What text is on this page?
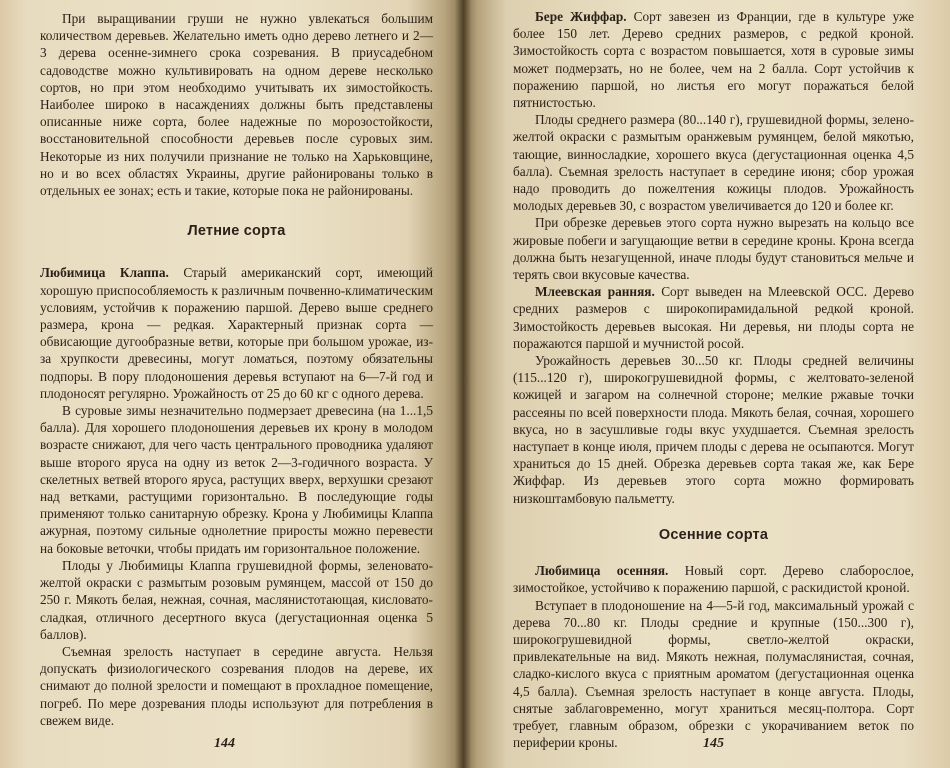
При выращивании груши не нужно увлекаться большим количеством деревьев. Желательно иметь одно дерево летнего и 2—3 дерева осенне-зимнего срока созревания. В приусадебном садоводстве можно культивировать на одном дереве несколько сортов, но при этом необходимо учитывать их зимостойкость. Наиболее широко в насаждениях должны быть представлены описанные ниже сорта, более надежные по морозостойкости, восстановительной способности деревьев после суровых зим. Некоторые из них получили признание не только на Харьковщине, но и во всех областях Украины, другие районированы только в отдельных ее зонах; есть и такие, которые пока не районированы.

Летние сорта

Любимица Клаппа. Старый американский сорт, имеющий хорошую приспособляемость к различным почвенно-климатическим условиям, устойчив к поражению паршой. Дерево выше среднего размера, крона — редкая. Характерный признак сорта — обвисающие дугообразные ветви, которые при большом урожае, из-за хрупкости древесины, могут ломаться, поэтому обязательны подпоры. В пору плодоношения деревья вступают на 6—7-й год и плодоносят регулярно. Урожайность от 25 до 60 кг с одного дерева.

В суровые зимы незначительно подмерзает древесина (на 1...1,5 балла). Для хорошего плодоношения деревьев их крону в молодом возрасте снижают, для чего часть центрального проводника удаляют выше второго яруса на одну из веток 2—3-годичного возраста. У скелетных ветвей второго яруса, растущих вверх, верхушки срезают над ветками, растущими горизонтально. В последующие годы применяют только санитарную обрезку. Крона у Любимицы Клаппа ажурная, поэтому сильные однолетние приросты можно перевести на боковые веточки, чтобы придать им горизонтальное положение.

Плоды у Любимицы Клаппа грушевидной формы, зеленовато-желтой окраски с размытым розовым румянцем, массой от 150 до 250 г. Мякоть белая, нежная, сочная, маслянистотающая, кисловато-сладкая, отличного десертного вкуса (дегустационная оценка 5 баллов).

Съемная зрелость наступает в середине августа. Нельзя допускать физиологического созревания плодов на дереве, их снимают до полной зрелости и помещают в прохладное помещение, погреб. По мере дозревания плоды используют для потребления в свежем виде.

144

Бере Жиффар. Сорт завезен из Франции, где в культуре уже более 150 лет. Дерево средних размеров, с редкой кроной. Зимостойкость сорта с возрастом повышается, хотя в суровые зимы может подмерзать, но не более, чем на 2 балла. Сорт устойчив к поражению паршой, но листья его могут поражаться белой пятнистостью.

Плоды среднего размера (80...140 г), грушевидной формы, зелено-желтой окраски с размытым оранжевым румянцем, белой мякотью, тающие, винносладкие, хорошего вкуса (дегустационная оценка 4,5 балла). Съемная зрелость наступает в середине июня; сбор урожая надо проводить до пожелтения кожицы плодов. Урожайность молодых деревьев 30, с возрастом увеличивается до 120 и более кг.

При обрезке деревьев этого сорта нужно вырезать на кольцо все жировые побеги и загущающие ветви в середине кроны. Крона всегда должна быть незагущенной, иначе плоды будут становиться мельче и терять свои вкусовые качества.

Млеевская ранняя. Сорт выведен на Млеевской ОСС. Дерево средних размеров с широкопирамидальной редкой кроной. Зимостойкость деревьев высокая. Ни деревья, ни плоды сорта не поражаются паршой и мучнистой росой.

Урожайность деревьев 30...50 кг. Плоды средней величины (115...120 г), широкогрушевидной формы, с желтовато-зеленой кожицей и загаром на солнечной стороне; мелкие ржавые точки рассеяны по всей поверхности плода. Мякоть белая, сочная, хорошего вкуса, но в засушливые годы вкус ухудшается. Съемная зрелость наступает в конце июля, причем плоды с дерева не осыпаются. Могут храниться до 15 дней. Обрезка деревьев сорта такая же, как Бере Жиффар. Из деревьев этого сорта можно формировать низкоштамбовую пальметту.

Осенние сорта

Любимица осенняя. Новый сорт. Дерево слаборослое, зимостойкое, устойчиво к поражению паршой, с раскидистой кроной.

Вступает в плодоношение на 4—5-й год, максимальный урожай с дерева 70...80 кг. Плоды средние и крупные (150...300 г), широкогрушевидной формы, светло-желтой окраски, привлекательные на вид. Мякоть нежная, полумаслянистая, сочная, сладко-кислого вкуса с приятным ароматом (дегустационная оценка 4,5 балла). Съемная зрелость наступает в конце августа. Плоды, снятые заблаговременно, могут храниться месяц-полтора. Сорт требует, главным образом, обрезки с укорачиванием веток по периферии кроны.	145
